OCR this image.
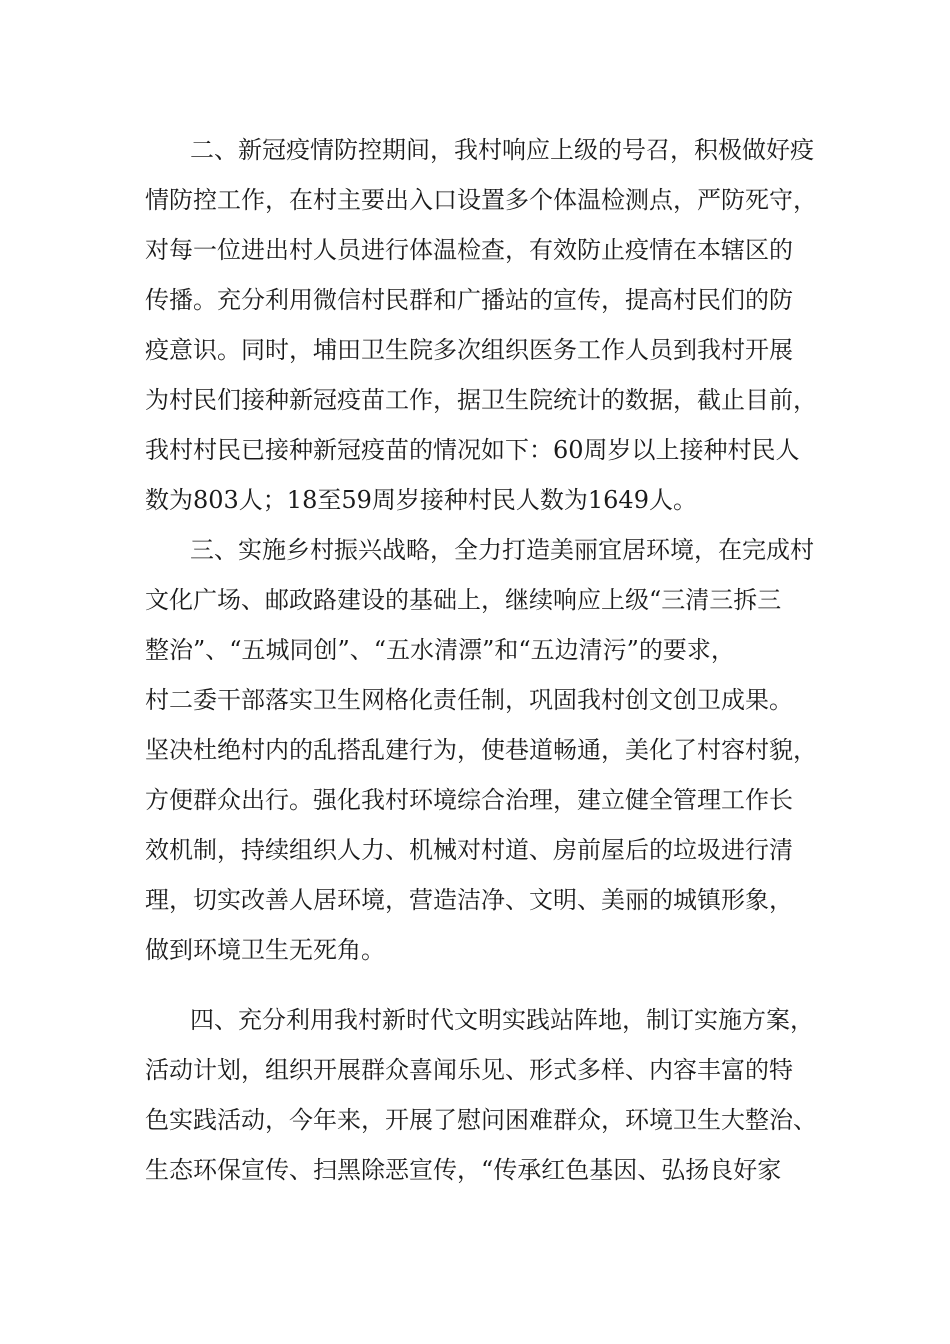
二、新冠疫情防控期间，我村响应上级的号召，积极做好疫
情防控工作，在村主要出入口设置多个体温检测点，严防死守，
对每一位进出村人员进行体温检查，有效防止疫情在本辖区的
传播。充分利用微信村民群和广播站的宣传，提高村民们的防
疫意识。同时，埔田卫生院多次组织医务工作人员到我村开展
为村民们接种新冠疫苗工作，据卫生院统计的数据，截止目前，
我村村民已接种新冠疫苗的情况如下：60周岁以上接种村民人
数为803人；18至59周岁接种村民人数为1649人。
三、实施乡村振兴战略，全力打造美丽宜居环境，在完成村
文化广场、邮政路建设的基础上，继续响应上级“三清三拆三
整治”、“五城同创”、“五水清漂”和“五边清污”的要求，
村二委干部落实卫生网格化责任制，巩固我村创文创卫成果。
坚决杜绝村内的乱搭乱建行为，使巷道畅通，美化了村容村貌，
方便群众出行。强化我村环境综合治理，建立健全管理工作长
效机制，持续组织人力、机械对村道、房前屋后的垃圾进行清
理，切实改善人居环境，营造洁净、文明、美丽的城镇形象，
做到环境卫生无死角。
四、充分利用我村新时代文明实践站阵地，制订实施方案，
活动计划，组织开展群众喜闻乐见、形式多样、内容丰富的特
色实践活动，今年来，开展了慰问困难群众，环境卫生大整治、
生态环保宣传、扫黑除恶宣传，“传承红色基因、弘扬良好家
